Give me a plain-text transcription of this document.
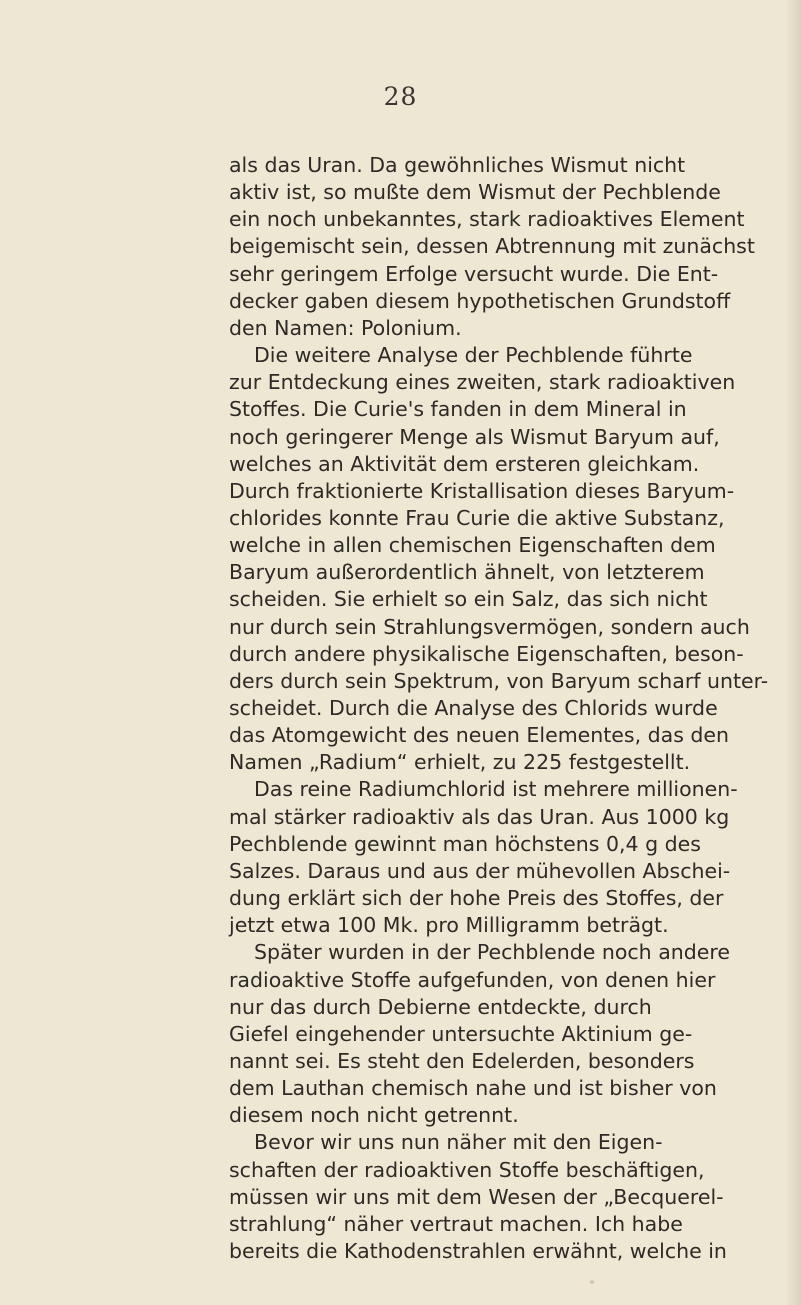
28
als das Uran. Da gewöhnliches Wismut nicht
aktiv ist, so mußte dem Wismut der Pechblende
ein noch unbekanntes, stark radioaktives Element
beigemischt sein, dessen Abtrennung mit zunächst
sehr geringem Erfolge versucht wurde. Die Ent-
decker gaben diesem hypothetischen Grundstoff
den Namen: Polonium.
Die weitere Analyse der Pechblende führte
zur Entdeckung eines zweiten, stark radioaktiven
Stoffes. Die Curie's fanden in dem Mineral in
noch geringerer Menge als Wismut Baryum auf,
welches an Aktivität dem ersteren gleichkam.
Durch fraktionierte Kristallisation dieses Baryum-
chlorides konnte Frau Curie die aktive Substanz,
welche in allen chemischen Eigenschaften dem
Baryum außerordentlich ähnelt, von letzterem
scheiden. Sie erhielt so ein Salz, das sich nicht
nur durch sein Strahlungsvermögen, sondern auch
durch andere physikalische Eigenschaften, beson-
ders durch sein Spektrum, von Baryum scharf unter-
scheidet. Durch die Analyse des Chlorids wurde
das Atomgewicht des neuen Elementes, das den
Namen „Radium“ erhielt, zu 225 festgestellt.
Das reine Radiumchlorid ist mehrere millionen-
mal stärker radioaktiv als das Uran. Aus 1000 kg
Pechblende gewinnt man höchstens 0,4 g des
Salzes. Daraus und aus der mühevollen Abschei-
dung erklärt sich der hohe Preis des Stoffes, der
jetzt etwa 100 Mk. pro Milligramm beträgt.
Später wurden in der Pechblende noch andere
radioaktive Stoffe aufgefunden, von denen hier
nur das durch Debierne entdeckte, durch
Giefel eingehender untersuchte Aktinium ge-
nannt sei. Es steht den Edelerden, besonders
dem Lauthan chemisch nahe und ist bisher von
diesem noch nicht getrennt.
Bevor wir uns nun näher mit den Eigen-
schaften der radioaktiven Stoffe beschäftigen,
müssen wir uns mit dem Wesen der „Becquerel-
strahlung“ näher vertraut machen. Ich habe
bereits die Kathodenstrahlen erwähnt, welche in
